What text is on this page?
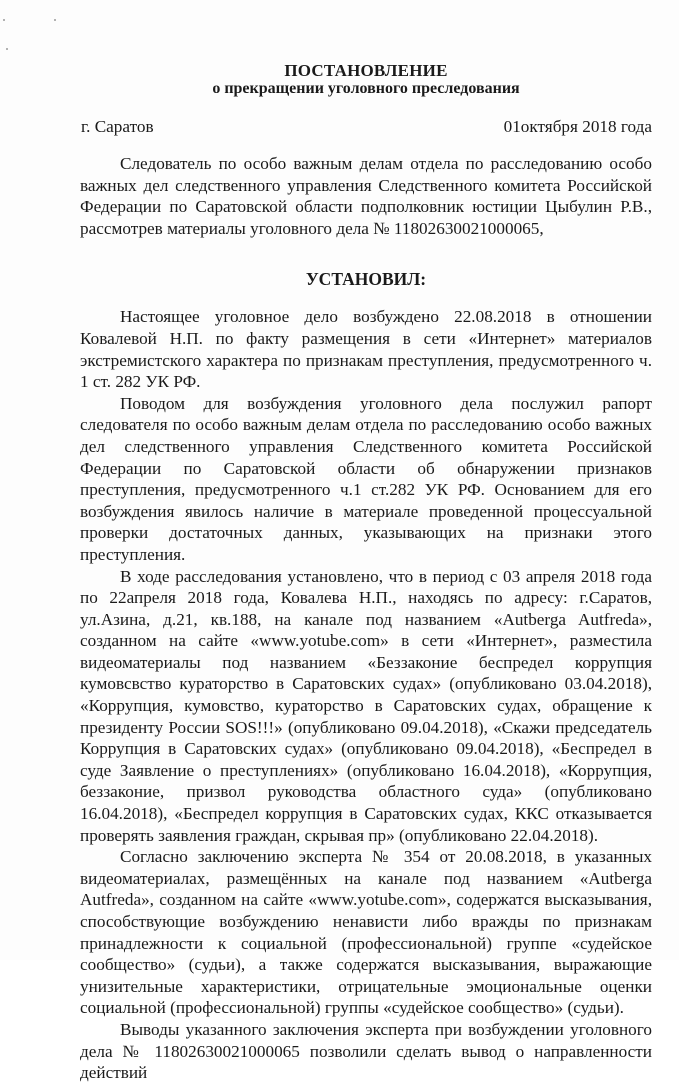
ПОСТАНОВЛЕНИЕ

о прекращении уголовного преследования

г. Саратов	01октября 2018 года

Следователь по особо важным делам отдела по расследованию особо важных дел следственного управления Следственного комитета Российской Федерации по Саратовской области подполковник юстиции Цыбулин Р.В., рассмотрев материалы уголовного дела № 11802630021000065,

УСТАНОВИЛ:

Настоящее уголовное дело возбуждено 22.08.2018 в отношении Ковалевой Н.П. по факту размещения в сети «Интернет» материалов экстремистского характера по признакам преступления, предусмотренного ч. 1 ст. 282 УК РФ.

Поводом для возбуждения уголовного дела послужил рапорт следователя по особо важным делам отдела по расследованию особо важных дел следственного управления Следственного комитета Российской Федерации по Саратовской области об обнаружении признаков преступления, предусмотренного ч.1 ст.282 УК РФ. Основанием для его возбуждения явилось наличие в материале проведенной процессуальной проверки достаточных данных, указывающих на признаки этого преступления.

В ходе расследования установлено, что в период с 03 апреля 2018 года по 22апреля 2018 года, Ковалева Н.П., находясь по адресу: г.Саратов, ул.Азина, д.21, кв.188, на канале под названием «Autberga Autfreda», созданном на сайте «www.yotube.com» в сети «Интернет», разместила видеоматериалы под названием «Беззаконие беспредел коррупция кумовсвство кураторство в Саратовских судах» (опубликовано 03.04.2018), «Коррупция, кумовство, кураторство в Саратовских судах, обращение к президенту России SOS!!!» (опубликовано 09.04.2018), «Скажи председатель Коррупция в Саратовских судах» (опубликовано 09.04.2018), «Беспредел в суде Заявление о преступлениях» (опубликовано 16.04.2018), «Коррупция, беззаконие, призвол руководства областного суда» (опубликовано 16.04.2018), «Беспредел коррупция в Саратовских судах, ККС отказывается проверять заявления граждан, скрывая пр» (опубликовано 22.04.2018).

Согласно заключению эксперта № 354 от 20.08.2018, в указанных видеоматериалах, размещённых на канале под названием «Autberga Autfreda», созданном на сайте «www.yotube.com», содержатся высказывания, способствующие возбуждению ненависти либо вражды по признакам принадлежности к социальной (профессиональной) группе «судейское сообщество» (судьи), а также содержатся высказывания, выражающие унизительные характеристики, отрицательные эмоциональные оценки социальной (профессиональной) группы «судейское сообщество» (судьи).

Выводы указанного заключения эксперта при возбуждении уголовного дела № 11802630021000065 позволили сделать вывод о направленности действий
